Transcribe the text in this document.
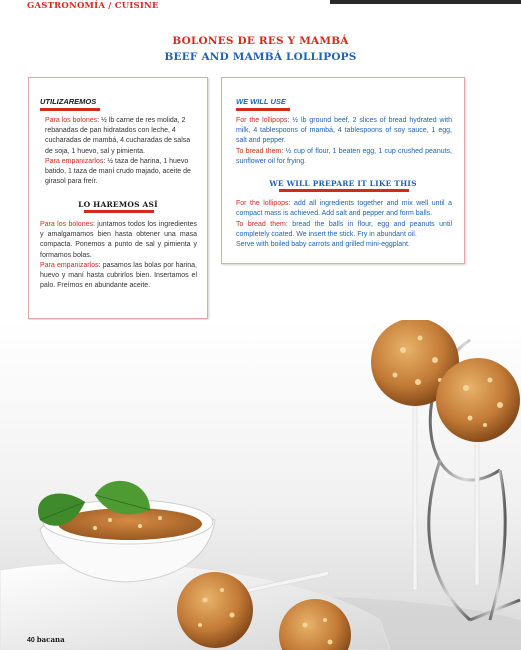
GASTRONOMÍA / CUISINE
BOLONES DE RES Y MAMBÁ
BEEF AND MAMBÁ LOLLIPOPS
UTILIZAREMOS
Para los bolones: ½ lb carne de res molida, 2 rebanadas de pan hidratados con leche, 4 cucharadas de mambá, 4 cucharadas de salsa de soja, 1 huevo, sal y pimienta.
Para empanizarlos: ½ taza de harina, 1 huevo batido, 1 taza de maní crudo majado, aceite de girasol para freír.
LO HAREMOS ASÍ
Para los bolones: juntamos todos los ingredientes y amalgamamos bien hasta obtener una masa compacta. Ponemos a punto de sal y pimienta y formamos bolas.
Para empanizarlos: pasamos las bolas por harina, huevo y maní hasta cubrirlos bien. Insertamos el palo. Freímos en abundante aceite.
WE WILL USE
For the lollipops: ½ lb ground beef, 2 slices of bread hydrated with milk, 4 tablespoons of mambá, 4 tablespoons of soy sauce, 1 egg, salt and pepper.
To bread them: ½ cup of flour, 1 beaten egg, 1 cup crushed peanuts, sunflower oil for frying.
WE WILL PREPARE IT LIKE THIS
For the lollipops: add all ingredients together and mix well until a compact mass is achieved. Add salt and pepper and form balls.
To bread them: bread the balls in flour, egg and peanuts until completely coated. We insert the stick. Fry in abundant oil.
Serve with boiled baby carrots and grilled mini-eggplant.
40 bacana
